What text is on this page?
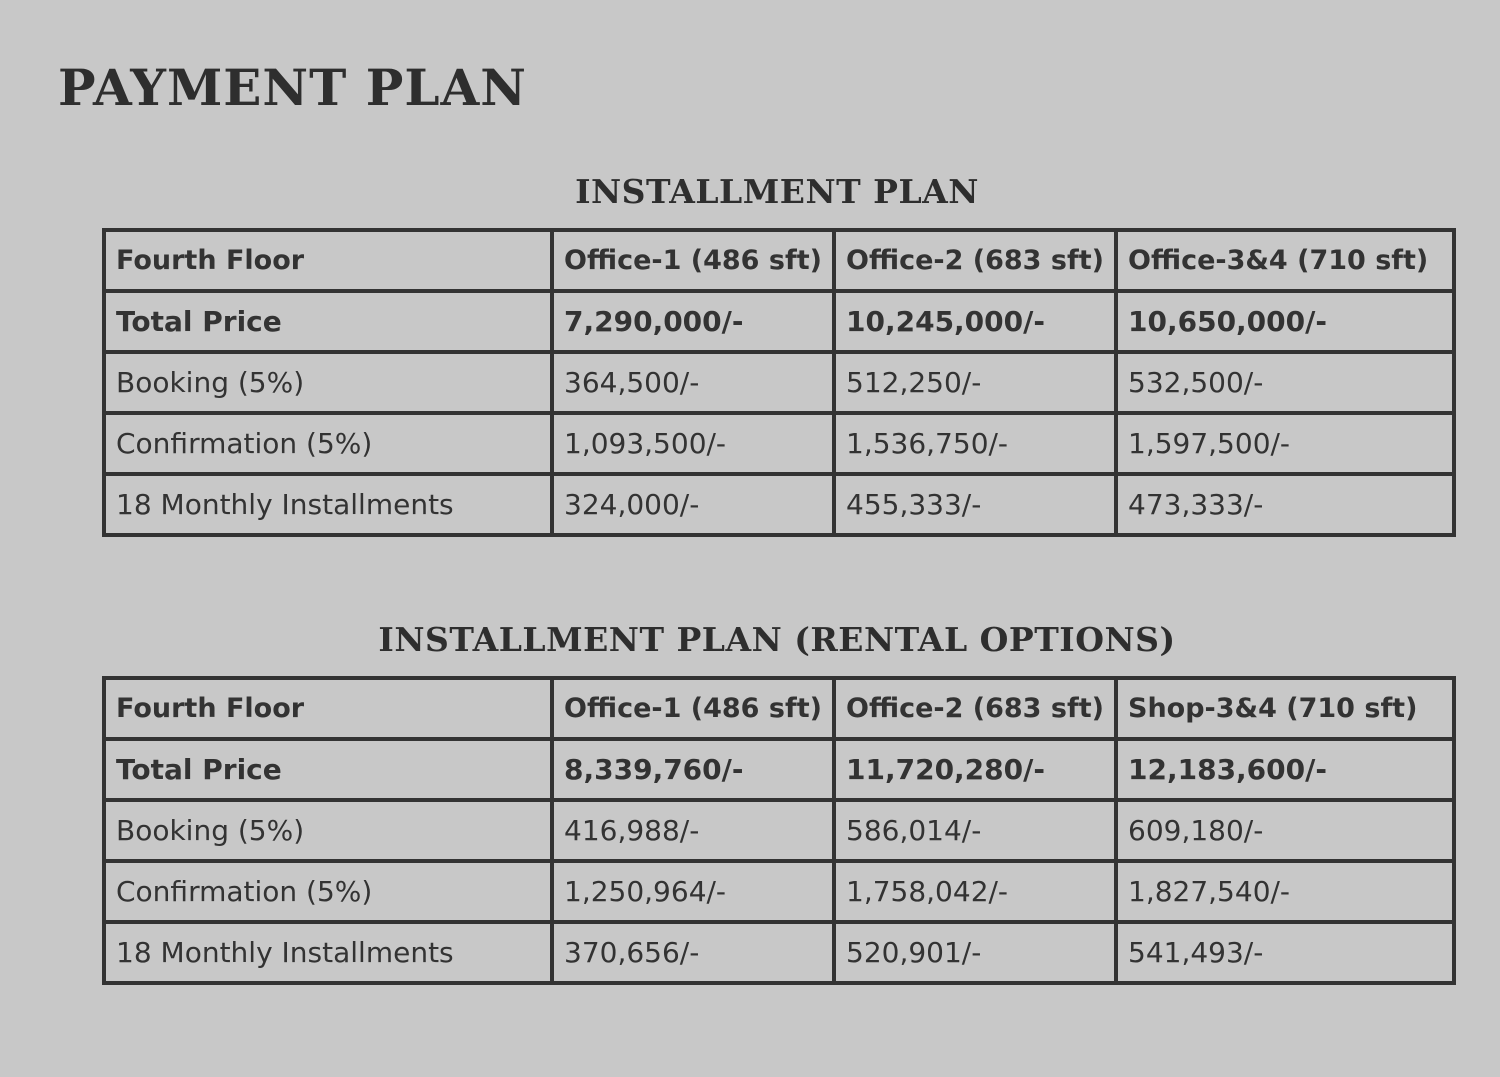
PAYMENT PLAN
INSTALLMENT PLAN
Fourth Floor	Office-1 (486 sft)	Office-2 (683 sft)	Office-3&4 (710 sft)
Total Price	7,290,000/-	10,245,000/-	10,650,000/-
Booking (5%)	364,500/-	512,250/-	532,500/-
Confirmation (5%)	1,093,500/-	1,536,750/-	1,597,500/-
18 Monthly Installments	324,000/-	455,333/-	473,333/-
INSTALLMENT PLAN (RENTAL OPTIONS)
Fourth Floor	Office-1 (486 sft)	Office-2 (683 sft)	Shop-3&4 (710 sft)
Total Price	8,339,760/-	11,720,280/-	12,183,600/-
Booking (5%)	416,988/-	586,014/-	609,180/-
Confirmation (5%)	1,250,964/-	1,758,042/-	1,827,540/-
18 Monthly Installments	370,656/-	520,901/-	541,493/-
